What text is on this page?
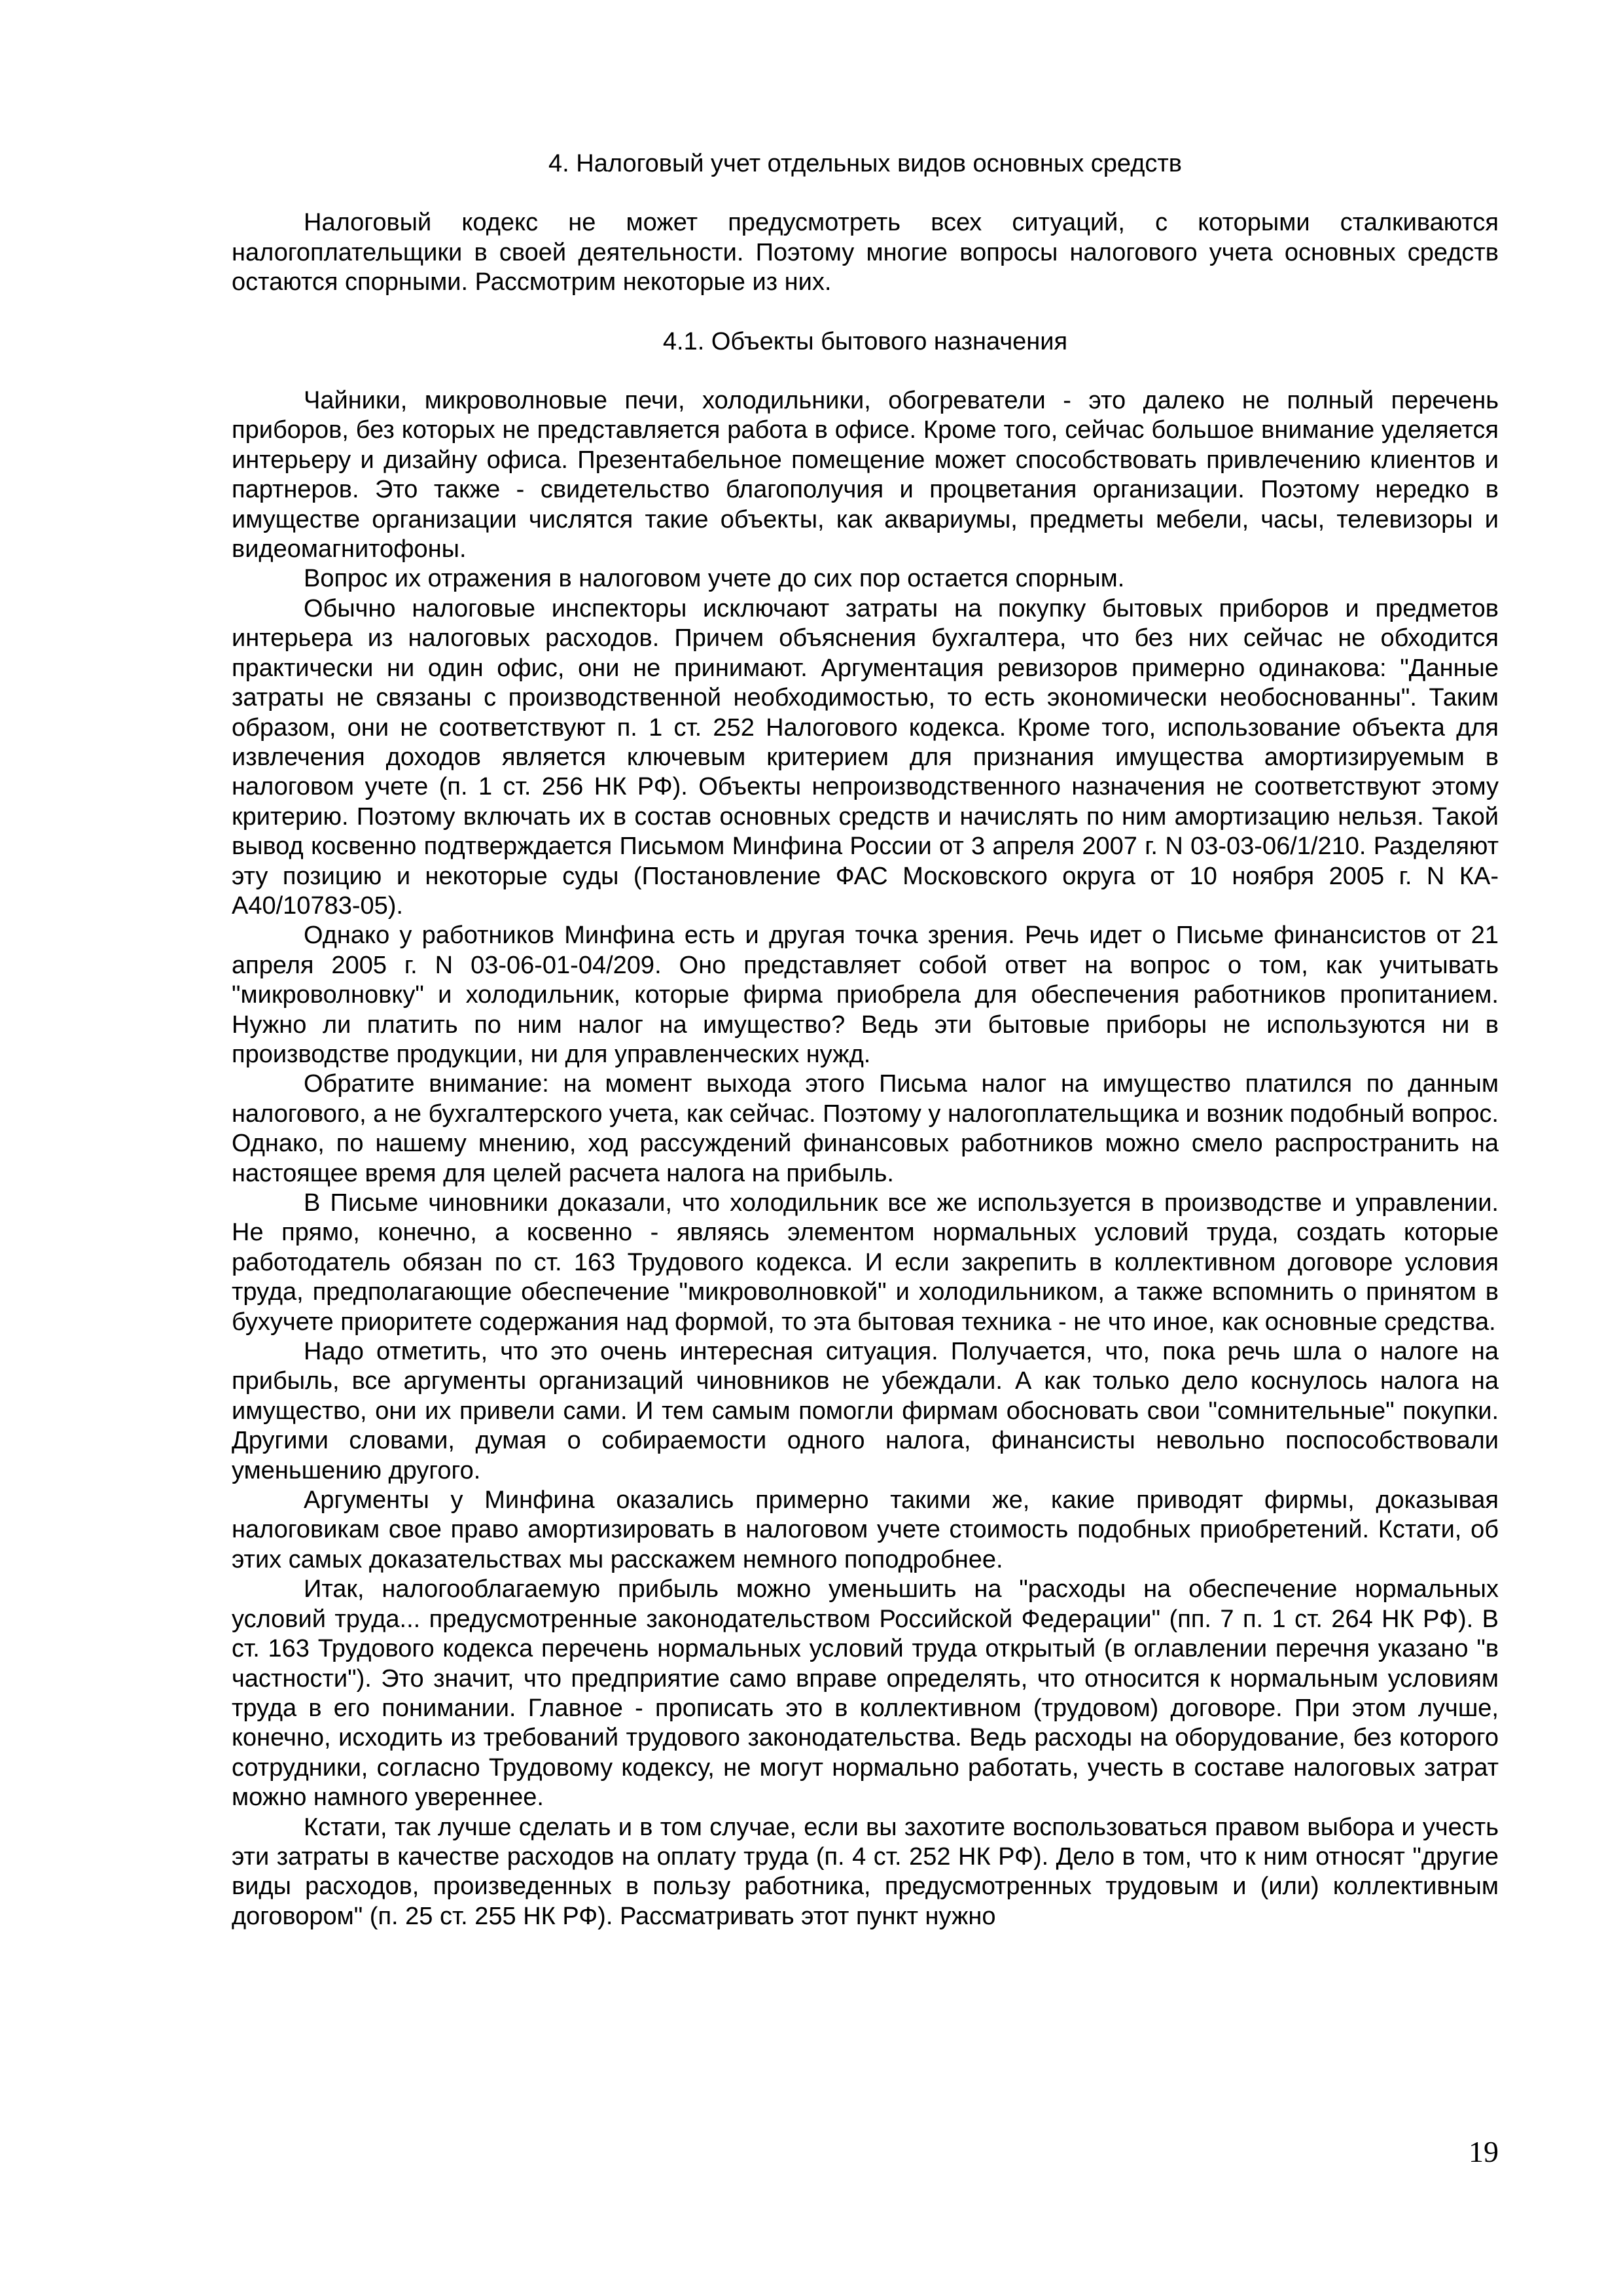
4. Налоговый учет отдельных видов основных средств

Налоговый кодекс не может предусмотреть всех ситуаций, с которыми сталкиваются налогоплательщики в своей деятельности. Поэтому многие вопросы налогового учета основных средств остаются спорными. Рассмотрим некоторые из них.

4.1. Объекты бытового назначения

Чайники, микроволновые печи, холодильники, обогреватели - это далеко не полный перечень приборов, без которых не представляется работа в офисе. Кроме того, сейчас большое внимание уделяется интерьеру и дизайну офиса. Презентабельное помещение может способствовать привлечению клиентов и партнеров. Это также - свидетельство благополучия и процветания организации. Поэтому нередко в имуществе организации числятся такие объекты, как аквариумы, предметы мебели, часы, телевизоры и видеомагнитофоны.

Вопрос их отражения в налоговом учете до сих пор остается спорным.

Обычно налоговые инспекторы исключают затраты на покупку бытовых приборов и предметов интерьера из налоговых расходов. Причем объяснения бухгалтера, что без них сейчас не обходится практически ни один офис, они не принимают. Аргументация ревизоров примерно одинакова: "Данные затраты не связаны с производственной необходимостью, то есть экономически необоснованны". Таким образом, они не соответствуют п. 1 ст. 252 Налогового кодекса. Кроме того, использование объекта для извлечения доходов является ключевым критерием для признания имущества амортизируемым в налоговом учете (п. 1 ст. 256 НК РФ). Объекты непроизводственного назначения не соответствуют этому критерию. Поэтому включать их в состав основных средств и начислять по ним амортизацию нельзя. Такой вывод косвенно подтверждается Письмом Минфина России от 3 апреля 2007 г. N 03-03-06/1/210. Разделяют эту позицию и некоторые суды (Постановление ФАС Московского округа от 10 ноября 2005 г. N КА-А40/10783-05).

Однако у работников Минфина есть и другая точка зрения. Речь идет о Письме финансистов от 21 апреля 2005 г. N 03-06-01-04/209. Оно представляет собой ответ на вопрос о том, как учитывать "микроволновку" и холодильник, которые фирма приобрела для обеспечения работников пропитанием. Нужно ли платить по ним налог на имущество? Ведь эти бытовые приборы не используются ни в производстве продукции, ни для управленческих нужд.

Обратите внимание: на момент выхода этого Письма налог на имущество платился по данным налогового, а не бухгалтерского учета, как сейчас. Поэтому у налогоплательщика и возник подобный вопрос. Однако, по нашему мнению, ход рассуждений финансовых работников можно смело распространить на настоящее время для целей расчета налога на прибыль.

В Письме чиновники доказали, что холодильник все же используется в производстве и управлении. Не прямо, конечно, а косвенно - являясь элементом нормальных условий труда, создать которые работодатель обязан по ст. 163 Трудового кодекса. И если закрепить в коллективном договоре условия труда, предполагающие обеспечение "микроволновкой" и холодильником, а также вспомнить о принятом в бухучете приоритете содержания над формой, то эта бытовая техника - не что иное, как основные средства.

Надо отметить, что это очень интересная ситуация. Получается, что, пока речь шла о налоге на прибыль, все аргументы организаций чиновников не убеждали. А как только дело коснулось налога на имущество, они их привели сами. И тем самым помогли фирмам обосновать свои "сомнительные" покупки. Другими словами, думая о собираемости одного налога, финансисты невольно поспособствовали уменьшению другого.

Аргументы у Минфина оказались примерно такими же, какие приводят фирмы, доказывая налоговикам свое право амортизировать в налоговом учете стоимость подобных приобретений. Кстати, об этих самых доказательствах мы расскажем немного поподробнее.

Итак, налогооблагаемую прибыль можно уменьшить на "расходы на обеспечение нормальных условий труда... предусмотренные законодательством Российской Федерации" (пп. 7 п. 1 ст. 264 НК РФ). В ст. 163 Трудового кодекса перечень нормальных условий труда открытый (в оглавлении перечня указано "в частности"). Это значит, что предприятие само вправе определять, что относится к нормальным условиям труда в его понимании. Главное - прописать это в коллективном (трудовом) договоре. При этом лучше, конечно, исходить из требований трудового законодательства. Ведь расходы на оборудование, без которого сотрудники, согласно Трудовому кодексу, не могут нормально работать, учесть в составе налоговых затрат можно намного увереннее.

Кстати, так лучше сделать и в том случае, если вы захотите воспользоваться правом выбора и учесть эти затраты в качестве расходов на оплату труда (п. 4 ст. 252 НК РФ). Дело в том, что к ним относят "другие виды расходов, произведенных в пользу работника, предусмотренных трудовым и (или) коллективным договором" (п. 25 ст. 255 НК РФ). Рассматривать этот пункт нужно

19
